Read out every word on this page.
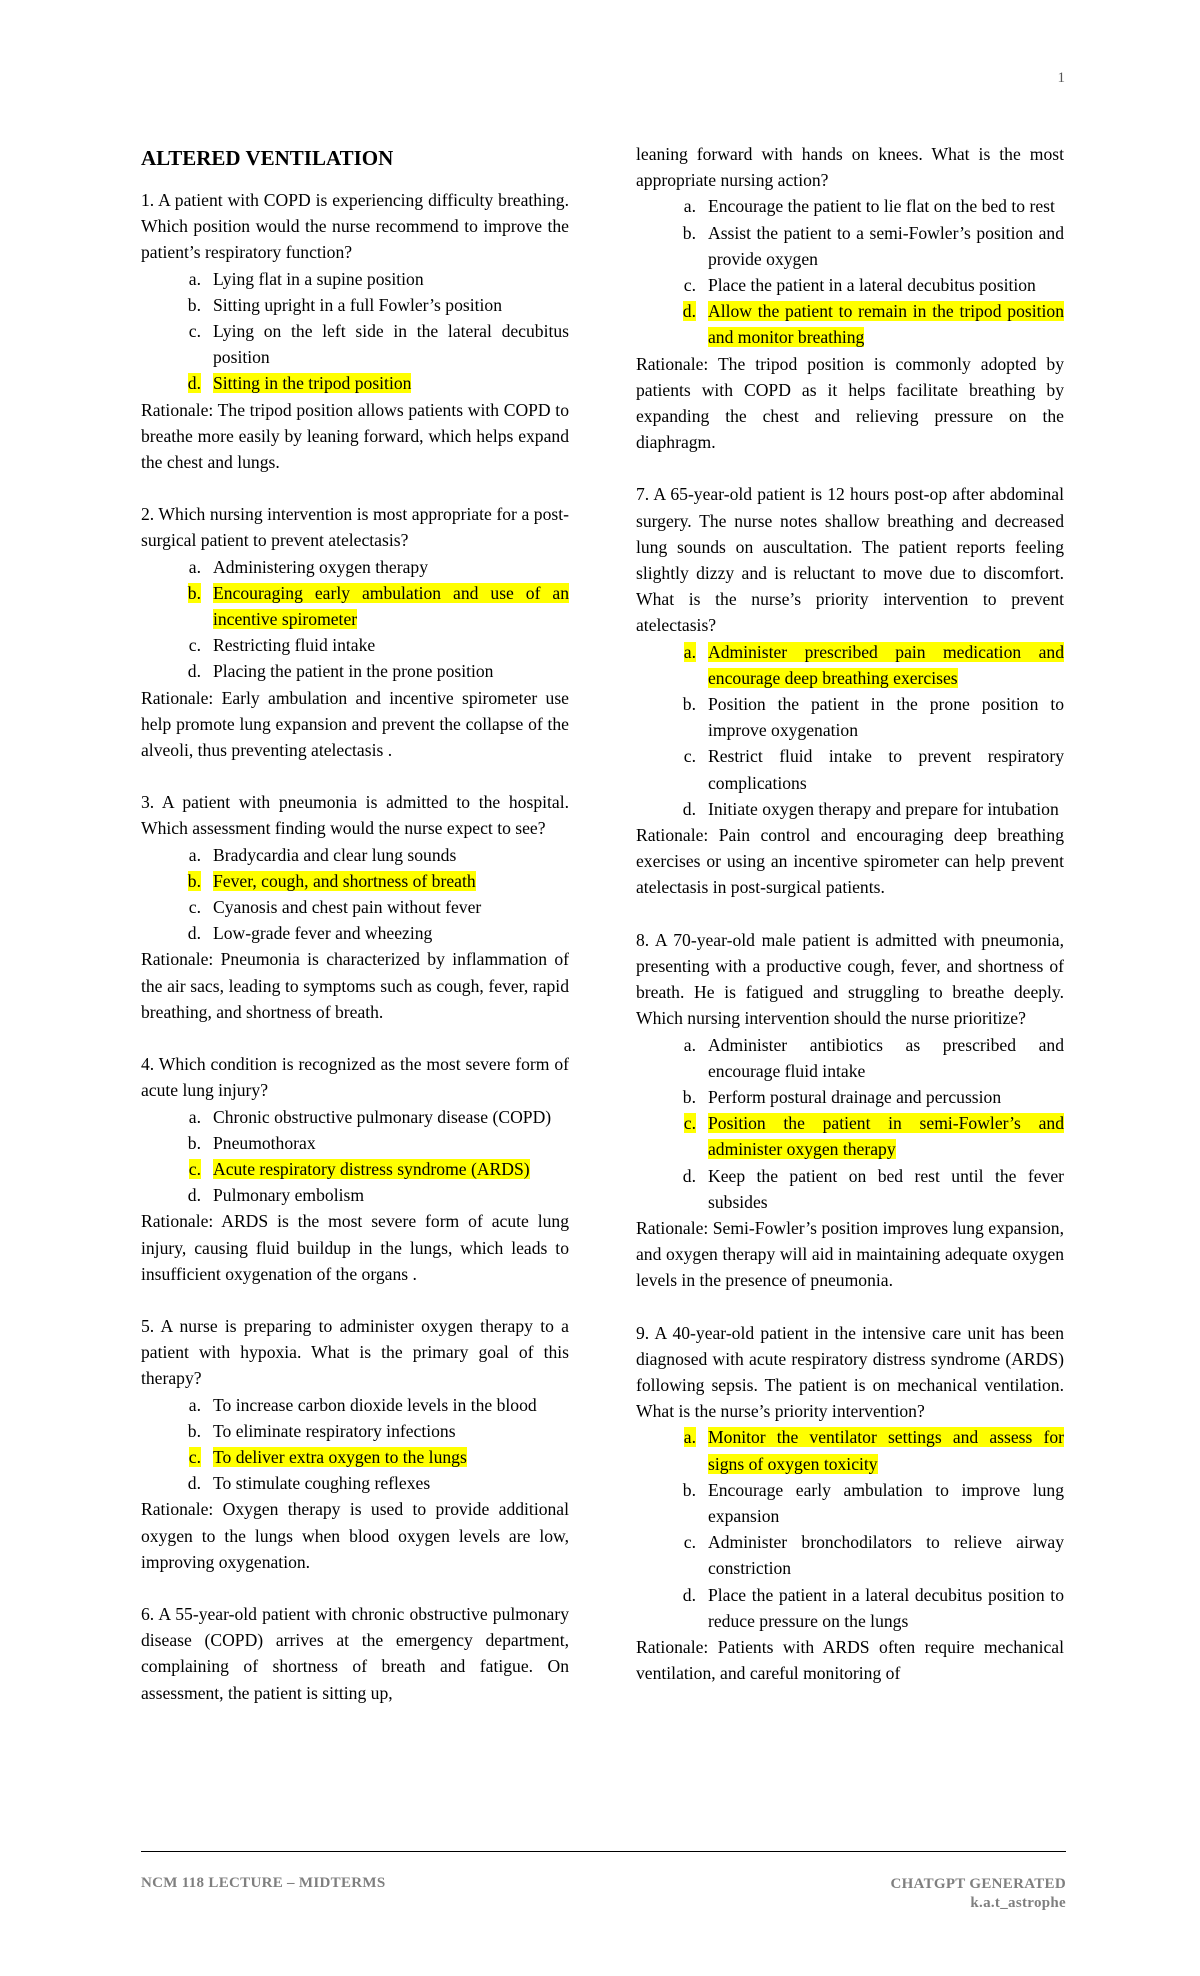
1
ALTERED VENTILATION
1. A patient with COPD is experiencing difficulty breathing. Which position would the nurse recommend to improve the patient’s respiratory function?
a. Lying flat in a supine position
b. Sitting upright in a full Fowler’s position
c. Lying on the left side in the lateral decubitus position
d. Sitting in the tripod position
Rationale: The tripod position allows patients with COPD to breathe more easily by leaning forward, which helps expand the chest and lungs.
2. Which nursing intervention is most appropriate for a post-surgical patient to prevent atelectasis?
a. Administering oxygen therapy
b. Encouraging early ambulation and use of an incentive spirometer
c. Restricting fluid intake
d. Placing the patient in the prone position
Rationale: Early ambulation and incentive spirometer use help promote lung expansion and prevent the collapse of the alveoli, thus preventing atelectasis .
3. A patient with pneumonia is admitted to the hospital. Which assessment finding would the nurse expect to see?
a. Bradycardia and clear lung sounds
b. Fever, cough, and shortness of breath
c. Cyanosis and chest pain without fever
d. Low-grade fever and wheezing
Rationale: Pneumonia is characterized by inflammation of the air sacs, leading to symptoms such as cough, fever, rapid breathing, and shortness of breath.
4. Which condition is recognized as the most severe form of acute lung injury?
a. Chronic obstructive pulmonary disease (COPD)
b. Pneumothorax
c. Acute respiratory distress syndrome (ARDS)
d. Pulmonary embolism
Rationale: ARDS is the most severe form of acute lung injury, causing fluid buildup in the lungs, which leads to insufficient oxygenation of the organs .
5. A nurse is preparing to administer oxygen therapy to a patient with hypoxia. What is the primary goal of this therapy?
a. To increase carbon dioxide levels in the blood
b. To eliminate respiratory infections
c. To deliver extra oxygen to the lungs
d. To stimulate coughing reflexes
Rationale: Oxygen therapy is used to provide additional oxygen to the lungs when blood oxygen levels are low, improving oxygenation.
6. A 55-year-old patient with chronic obstructive pulmonary disease (COPD) arrives at the emergency department, complaining of shortness of breath and fatigue. On assessment, the patient is sitting up,
leaning forward with hands on knees. What is the most appropriate nursing action?
a. Encourage the patient to lie flat on the bed to rest
b. Assist the patient to a semi-Fowler’s position and provide oxygen
c. Place the patient in a lateral decubitus position
d. Allow the patient to remain in the tripod position and monitor breathing
Rationale: The tripod position is commonly adopted by patients with COPD as it helps facilitate breathing by expanding the chest and relieving pressure on the diaphragm.
7. A 65-year-old patient is 12 hours post-op after abdominal surgery. The nurse notes shallow breathing and decreased lung sounds on auscultation. The patient reports feeling slightly dizzy and is reluctant to move due to discomfort. What is the nurse’s priority intervention to prevent atelectasis?
a. Administer prescribed pain medication and encourage deep breathing exercises
b. Position the patient in the prone position to improve oxygenation
c. Restrict fluid intake to prevent respiratory complications
d. Initiate oxygen therapy and prepare for intubation
Rationale: Pain control and encouraging deep breathing exercises or using an incentive spirometer can help prevent atelectasis in post-surgical patients.
8. A 70-year-old male patient is admitted with pneumonia, presenting with a productive cough, fever, and shortness of breath. He is fatigued and struggling to breathe deeply. Which nursing intervention should the nurse prioritize?
a. Administer antibiotics as prescribed and encourage fluid intake
b. Perform postural drainage and percussion
c. Position the patient in semi-Fowler’s and administer oxygen therapy
d. Keep the patient on bed rest until the fever subsides
Rationale: Semi-Fowler’s position improves lung expansion, and oxygen therapy will aid in maintaining adequate oxygen levels in the presence of pneumonia.
9. A 40-year-old patient in the intensive care unit has been diagnosed with acute respiratory distress syndrome (ARDS) following sepsis. The patient is on mechanical ventilation. What is the nurse’s priority intervention?
a. Monitor the ventilator settings and assess for signs of oxygen toxicity
b. Encourage early ambulation to improve lung expansion
c. Administer bronchodilators to relieve airway constriction
d. Place the patient in a lateral decubitus position to reduce pressure on the lungs
Rationale: Patients with ARDS often require mechanical ventilation, and careful monitoring of
NCM 118 LECTURE – MIDTERMS	CHATGPT GENERATED
k.a.t_astrophe
